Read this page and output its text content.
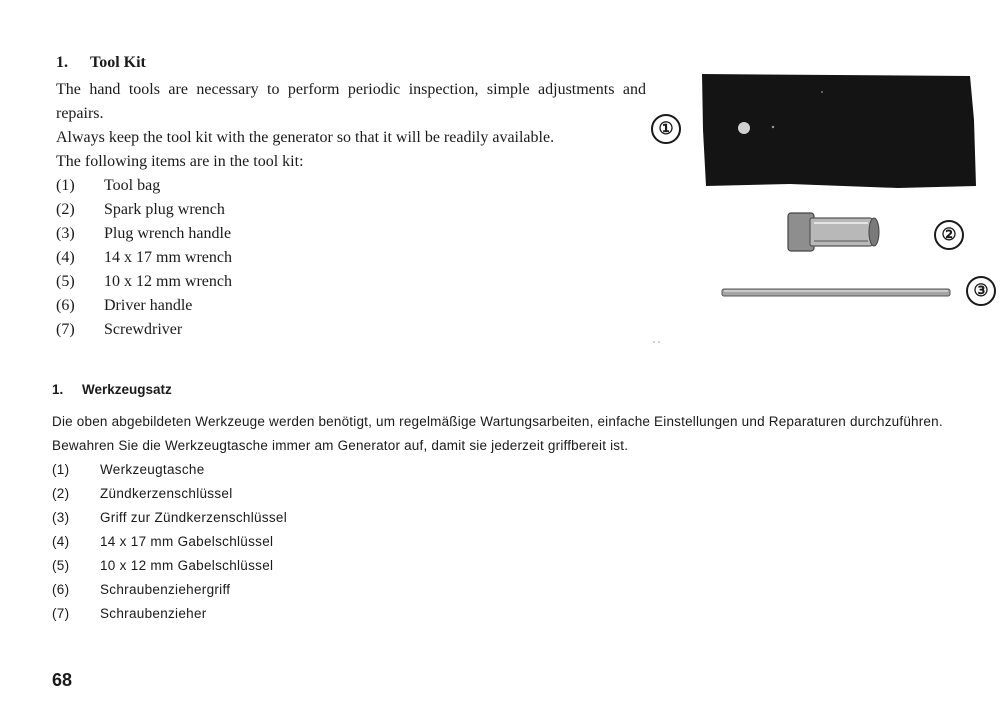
1. Tool Kit
The hand tools are necessary to perform periodic inspection, simple adjustments and repairs.
Always keep the tool kit with the generator so that it will be readily available.
The following items are in the tool kit:
(1)	Tool bag
(2)	Spark plug wrench
(3)	Plug wrench handle
(4)	14 x 17 mm wrench
(5)	10 x 12 mm wrench
(6)	Driver handle
(7)	Screwdriver
①
②
③
1. Werkzeugsatz
Die oben abgebildeten Werkzeuge werden benötigt, um regelmäßige Wartungsarbeiten, einfache Einstellungen und Reparaturen durchzuführen.
Bewahren Sie die Werkzeugtasche immer am Generator auf, damit sie jederzeit griffbereit ist.
(1)	Werkzeugtasche
(2)	Zündkerzenschlüssel
(3)	Griff zur Zündkerzenschlüssel
(4)	14 x 17 mm Gabelschlüssel
(5)	10 x 12 mm Gabelschlüssel
(6)	Schraubenziehergriff
(7)	Schraubenzieher
68
